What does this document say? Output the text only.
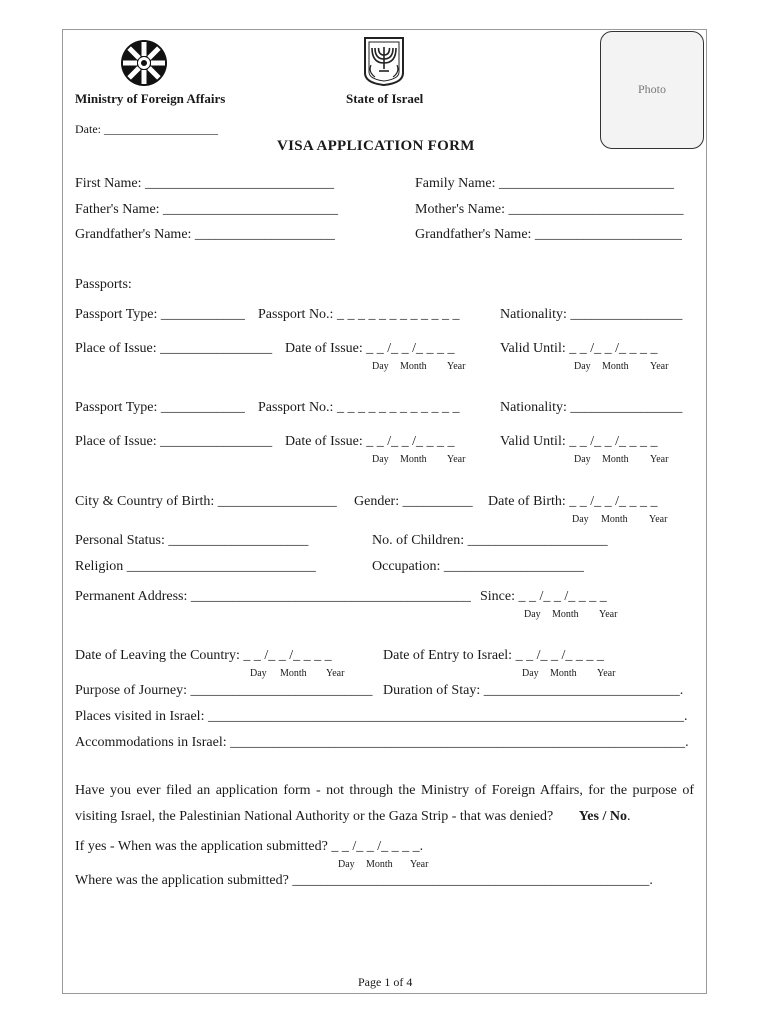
Ministry of Foreign Affairs	State of Israel
Photo
Date: ___________________
VISA APPLICATION FORM
First Name: ___________________________	Family Name: _________________________
Father's Name: _________________________	Mother's Name: _________________________
Grandfather's Name: ____________________	Grandfather's Name: _____________________
Passports:
Passport Type: ____________ Passport No.: _ _ _ _ _ _ _ _ _ _ _ _	Nationality: ________________
Place of Issue: ________________ Date of Issue: _ _ /_ _ /_ _ _ _	Valid Until: _ _ /_ _ /_ _ _ _
Day Month Year	Day Month Year
Passport Type: ____________ Passport No.: _ _ _ _ _ _ _ _ _ _ _ _	Nationality: ________________
Place of Issue: ________________ Date of Issue: _ _ /_ _ /_ _ _ _	Valid Until: _ _ /_ _ /_ _ _ _
Day Month Year	Day Month Year
City & Country of Birth: _________________ Gender: __________ Date of Birth: _ _ /_ _ /_ _ _ _
Day Month Year
Personal Status: ____________________	No. of Children: ____________________
Religion ___________________________	Occupation: ____________________
Permanent Address: ________________________________________ Since: _ _ /_ _ /_ _ _ _
Day Month Year
Date of Leaving the Country: _ _ /_ _ /_ _ _ _	Date of Entry to Israel: _ _ /_ _ /_ _ _ _
Day Month Year	Day Month Year
Purpose of Journey: __________________________ Duration of Stay: ____________________________.
Places visited in Israel: ____________________________________________________________________.
Accommodations in Israel: _________________________________________________________________.
Have you ever filed an application form - not through the Ministry of Foreign Affairs, for the purpose of visiting Israel, the Palestinian National Authority or the Gaza Strip - that was denied? Yes / No.
If yes - When was the application submitted? _ _ /_ _ /_ _ _ _.
Day Month Year
Where was the application submitted? ___________________________________________________.
Page 1 of 4
